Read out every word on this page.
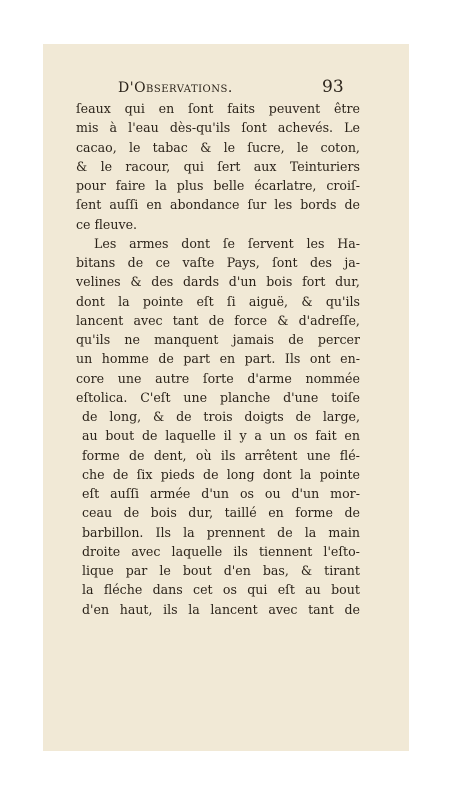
D'Observations.	93
ſeaux qui en ſont faits peuvent être
mis à l'eau dès-qu'ils ſont achevés. Le
cacao, le tabac & le ſucre, le coton,
& le racour, qui ſert aux Teinturiers
pour faire la plus belle écarlatre, croiſ-
ſent auſſi en abondance ſur les bords de
ce fleuve.
Les armes dont ſe ſervent les Ha-
bitans de ce vaſte Pays, ſont des ja-
velines & des dards d'un bois fort dur,
dont la pointe eſt ſi aiguë, & qu'ils
lancent avec tant de force & d'adreſſe,
qu'ils ne manquent jamais de percer
un homme de part en part. Ils ont en-
core une autre ſorte d'arme nommée
eſtolica. C'eſt une planche d'une toiſe
de long, & de trois doigts de large,
au bout de laquelle il y a un os fait en
forme de dent, où ils arrêtent une flé-
che de ſix pieds de long dont la pointe
eſt auſſi armée d'un os ou d'un mor-
ceau de bois dur, taillé en forme de
barbillon. Ils la prennent de la main
droite avec laquelle ils tiennent l'eſto-
lique par le bout d'en bas, & tirant
la fléche dans cet os qui eſt au bout
d'en haut, ils la lancent avec tant de
